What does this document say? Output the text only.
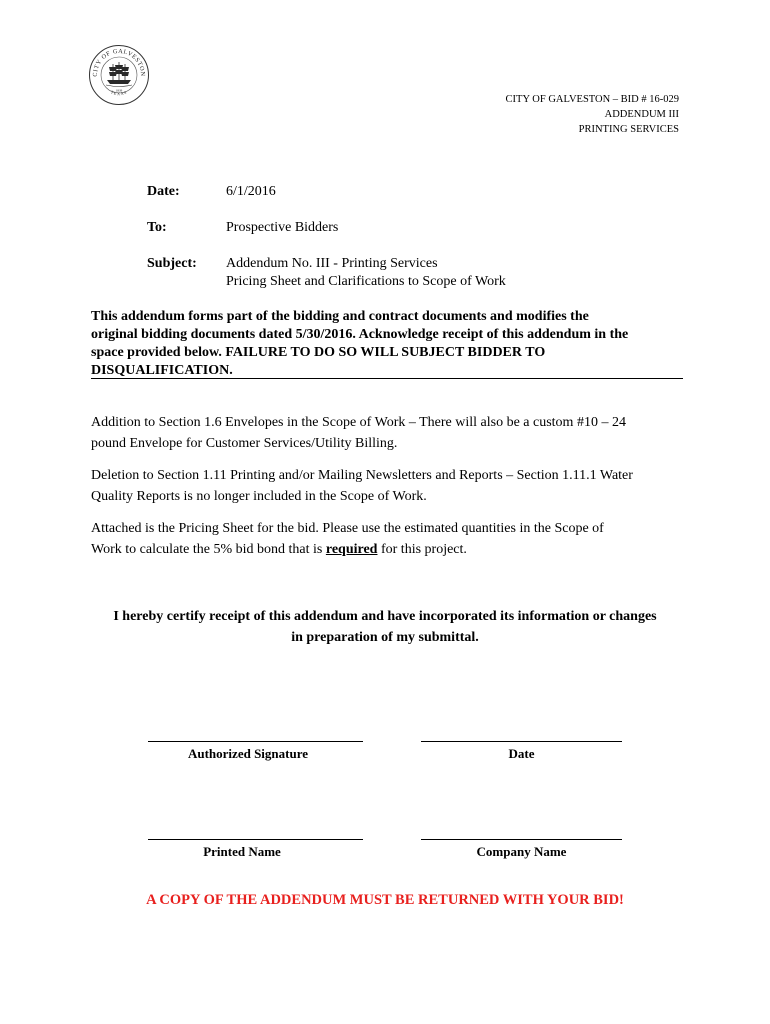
CITY OF GALVESTON
TEXAS
1839
CITY OF GALVESTON – BID # 16-029
ADDENDUM III
PRINTING SERVICES
Date:	6/1/2016
To:	Prospective Bidders
Subject: Addendum No. III - Printing Services
Pricing Sheet and Clarifications to Scope of Work
This addendum forms part of the bidding and contract documents and modifies the
original bidding documents dated 5/30/2016. Acknowledge receipt of this addendum in the
space provided below. FAILURE TO DO SO WILL SUBJECT BIDDER TO
DISQUALIFICATION.
Addition to Section 1.6 Envelopes in the Scope of Work – There will also be a custom #10 – 24
pound Envelope for Customer Services/Utility Billing.
Deletion to Section 1.11 Printing and/or Mailing Newsletters and Reports – Section 1.11.1 Water
Quality Reports is no longer included in the Scope of Work.
Attached is the Pricing Sheet for the bid. Please use the estimated quantities in the Scope of
Work to calculate the 5% bid bond that is required for this project.
I hereby certify receipt of this addendum and have incorporated its information or changes
in preparation of my submittal.
Authorized Signature	Date
Printed Name	Company Name
A COPY OF THE ADDENDUM MUST BE RETURNED WITH YOUR BID!
